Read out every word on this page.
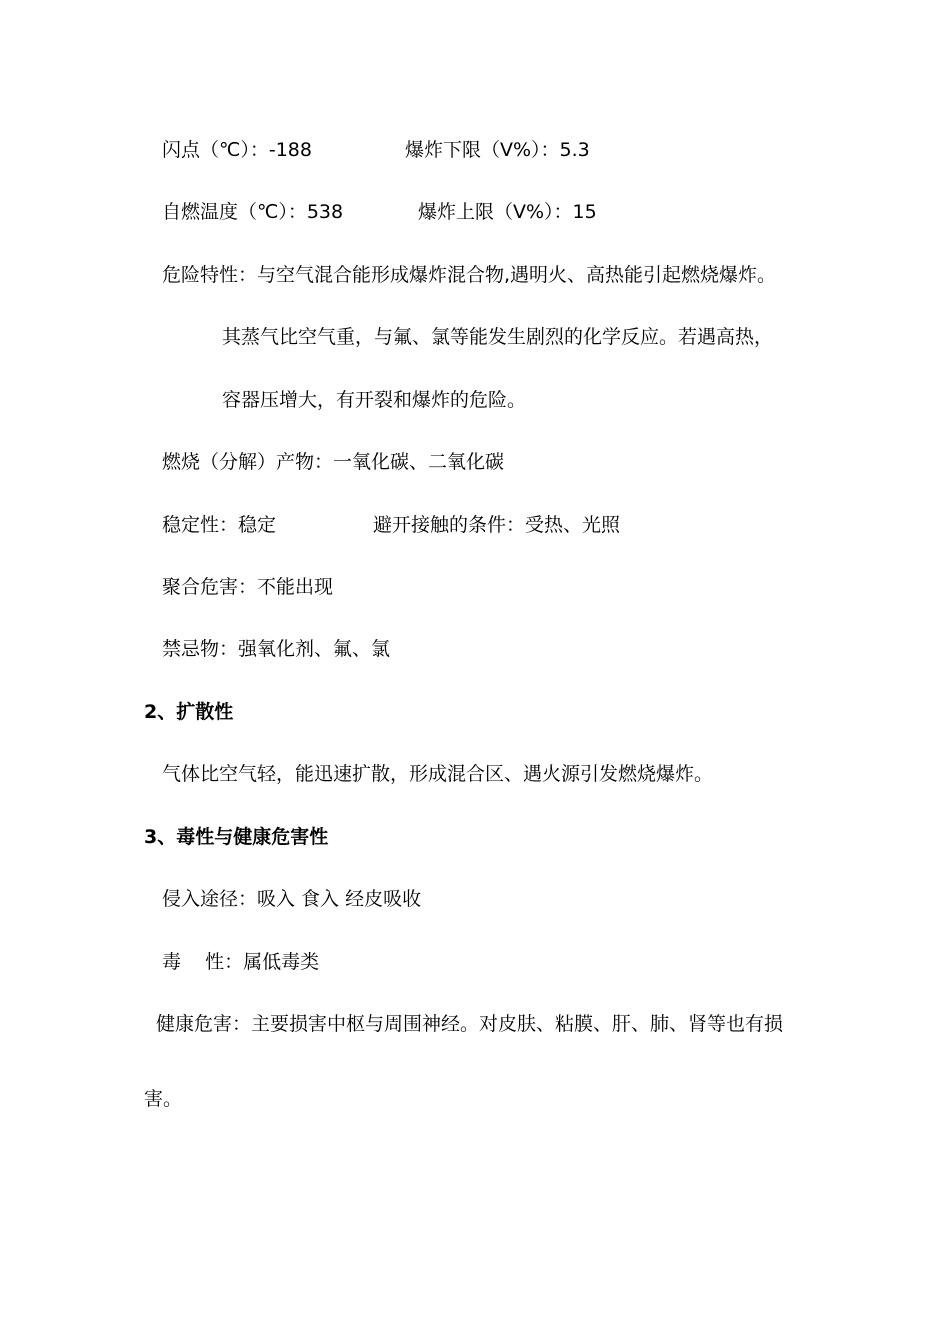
闪点（℃）：-188	爆炸下限（V%）：5.3
自燃温度（℃）：538	爆炸上限（V%）：15
危险特性：与空气混合能形成爆炸混合物,遇明火、高热能引起燃烧爆炸。
其蒸气比空气重，与氟、氯等能发生剧烈的化学反应。若遇高热，
容器压增大，有开裂和爆炸的危险。
燃烧（分解）产物：一氧化碳、二氧化碳
稳定性：稳定	避开接触的条件：受热、光照
聚合危害：不能出现
禁忌物：强氧化剂、氟、氯
2、扩散性
气体比空气轻，能迅速扩散，形成混合区、遇火源引发燃烧爆炸。
3、毒性与健康危害性
侵入途径：吸入 食入 经皮吸收
毒    性：属低毒类
健康危害：主要损害中枢与周围神经。对皮肤、粘膜、肝、肺、肾等也有损
害。
